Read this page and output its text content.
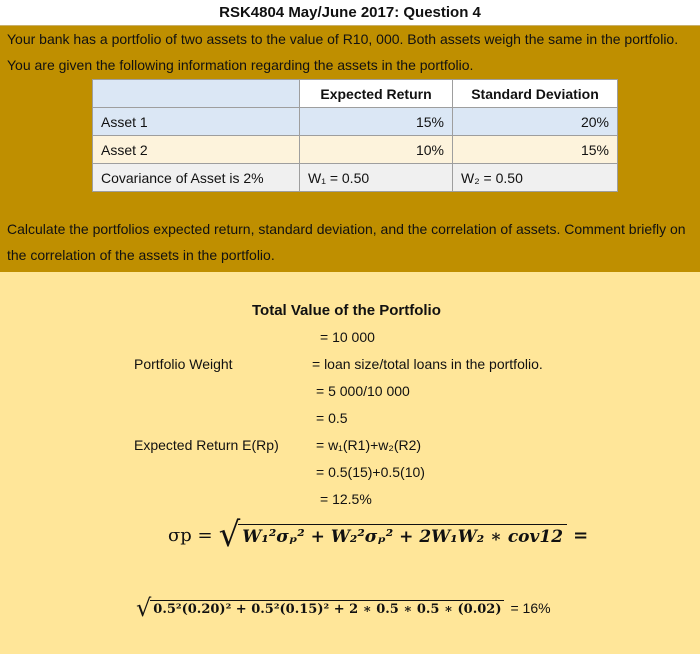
RSK4804 May/June 2017: Question 4
Your bank has a portfolio of two assets to the value of R10, 000. Both assets weigh the same in the portfolio. You are given the following information regarding the assets in the portfolio.
	Expected Return	Standard Deviation
Asset 1	15%	20%
Asset 2	10%	15%
Covariance of Asset is 2%	W₁ = 0.50	W₂ = 0.50
Calculate the portfolios expected return, standard deviation, and the correlation of assets. Comment briefly on the correlation of the assets in the portfolio.
Total Value of the Portfolio
= 10 000
Portfolio Weight	= loan size/total loans in the portfolio.
= 5 000/10 000
= 0.5
Expected Return E(Rp)	= w₁(R1)+w₂(R2)
= 0.5(15)+0.5(10)
= 12.5%
σp = √ W₁²σₚ² + W₂²σₚ² + 2W₁W₂ ∗ cov12 =
√ 0.5²(0.20)² + 0.5²(0.15)² + 2 ∗ 0.5 ∗ 0.5 ∗ (0.02) = 16%
